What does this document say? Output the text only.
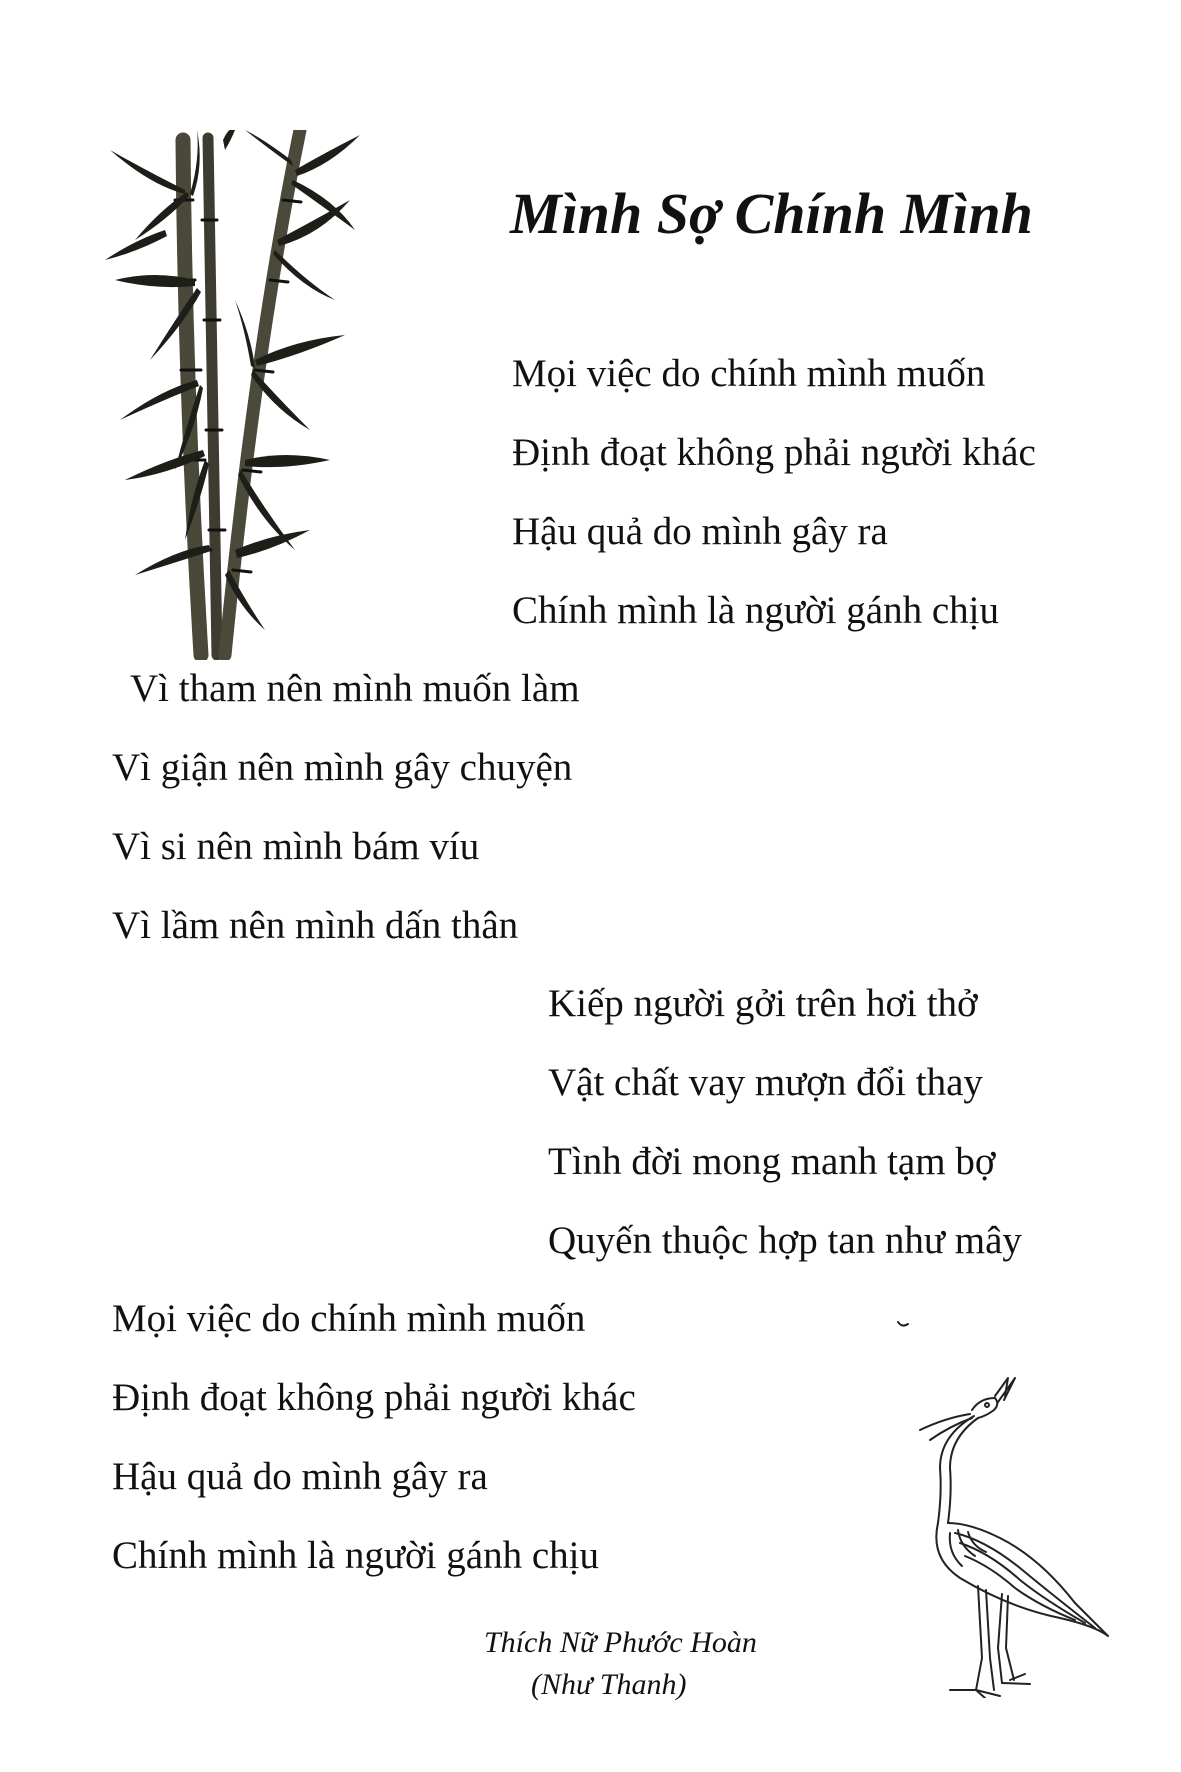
Mình Sợ Chính Mình
Mọi việc do chính mình muốn
Định đoạt không phải người khác
Hậu quả do mình gây ra
Chính mình là người gánh chịu
Vì tham nên mình muốn làm
Vì giận nên mình gây chuyện
Vì si nên mình bám víu
Vì lầm nên mình dấn thân
Kiếp người gởi trên hơi thở
Vật chất vay mượn đổi thay
Tình đời mong manh tạm bợ
Quyến thuộc hợp tan như mây
Mọi việc do chính mình muốn
Định đoạt không phải người khác
Hậu quả do mình gây ra
Chính mình là người gánh chịu

Thích Nữ Phước Hoàn

(Như Thanh)
